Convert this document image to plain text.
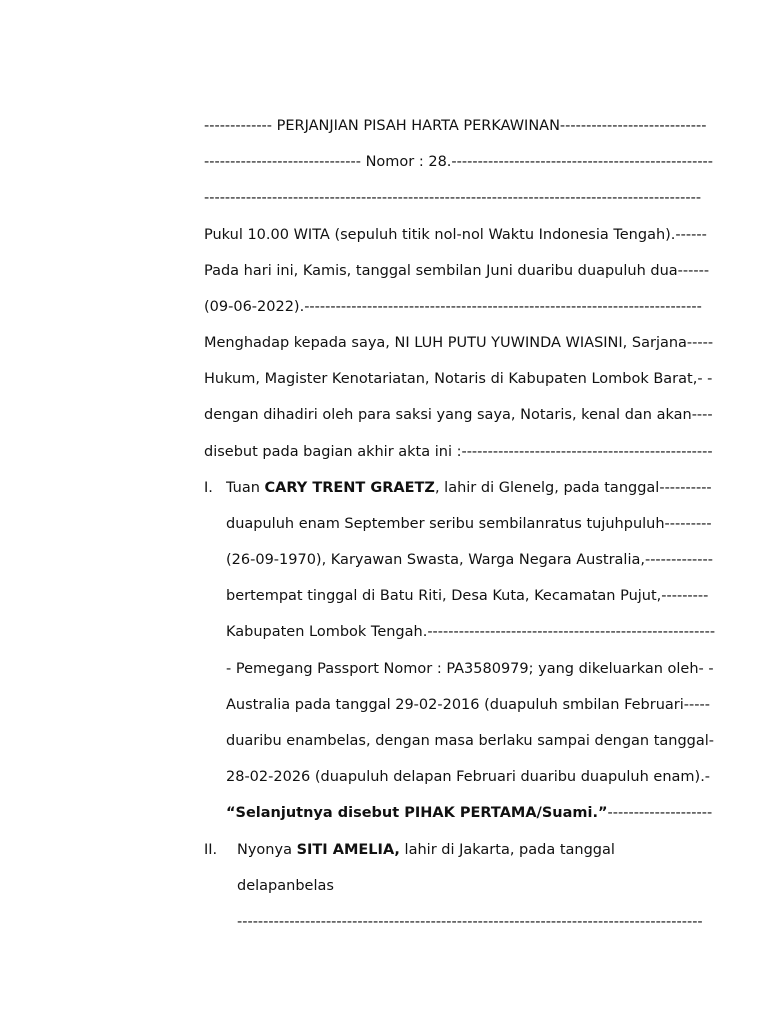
------------- PERJANJIAN PISAH HARTA PERKAWINAN----------------------------
------------------------------ Nomor : 28.--------------------------------------------------
-----------------------------------------------------------------------------------------------
Pukul 10.00 WITA (sepuluh titik nol-nol Waktu Indonesia Tengah).------
Pada hari ini, Kamis, tanggal sembilan Juni duaribu duapuluh dua------
(09-06-2022).----------------------------------------------------------------------------
Menghadap kepada saya, NI LUH PUTU YUWINDA WIASINI, Sarjana-----
Hukum, Magister Kenotariatan, Notaris di Kabupaten Lombok Barat,- -
dengan dihadiri oleh para saksi yang saya, Notaris, kenal dan akan----
disebut pada bagian akhir akta ini :------------------------------------------------
I. Tuan CARY TRENT GRAETZ, lahir di Glenelg, pada tanggal----------
duapuluh enam September seribu sembilanratus tujuhpuluh---------
(26-09-1970), Karyawan Swasta, Warga Negara Australia,-------------
bertempat tinggal di Batu Riti, Desa Kuta, Kecamatan Pujut,---------
Kabupaten Lombok Tengah.-------------------------------------------------------
- Pemegang Passport Nomor : PA3580979; yang dikeluarkan oleh- -
Australia pada tanggal 29-02-2016 (duapuluh smbilan Februari-----
duaribu enambelas, dengan masa berlaku sampai dengan tanggal-
28-02-2026 (duapuluh delapan Februari duaribu duapuluh enam).-
“Selanjutnya disebut PIHAK PERTAMA/Suami.”--------------------
II. Nyonya SITI AMELIA, lahir di Jakarta, pada tanggal
delapanbelas
-----------------------------------------------------------------------------------------
